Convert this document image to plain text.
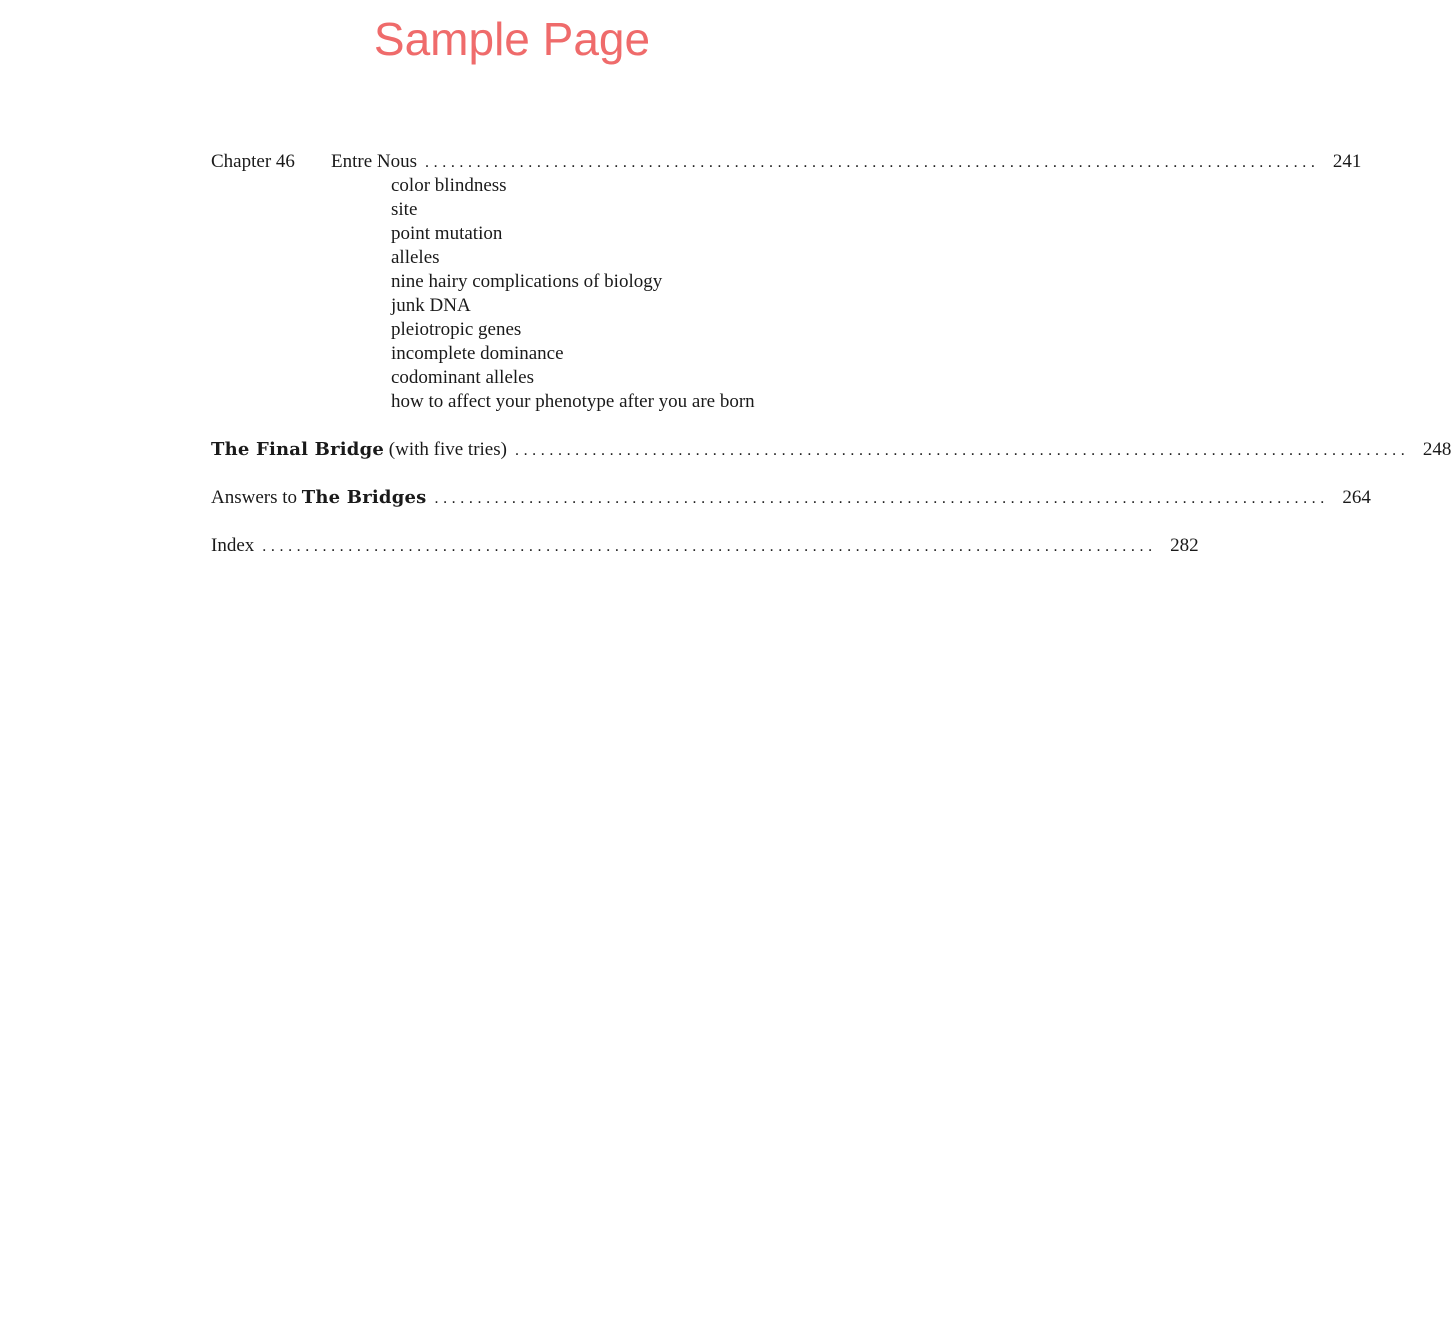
Sample Page
Chapter 46	Entre Nous ........................................................................................................ 241
color blindness
site
point mutation
alleles
nine hairy complications of biology
junk DNA
pleiotropic genes
incomplete dominance
codominant alleles
how to affect your phenotype after you are born
The Final Bridge (with five tries) ........................................................................................................ 248
Answers to The Bridges ........................................................................................................ 264
Index ........................................................................................................ 282
